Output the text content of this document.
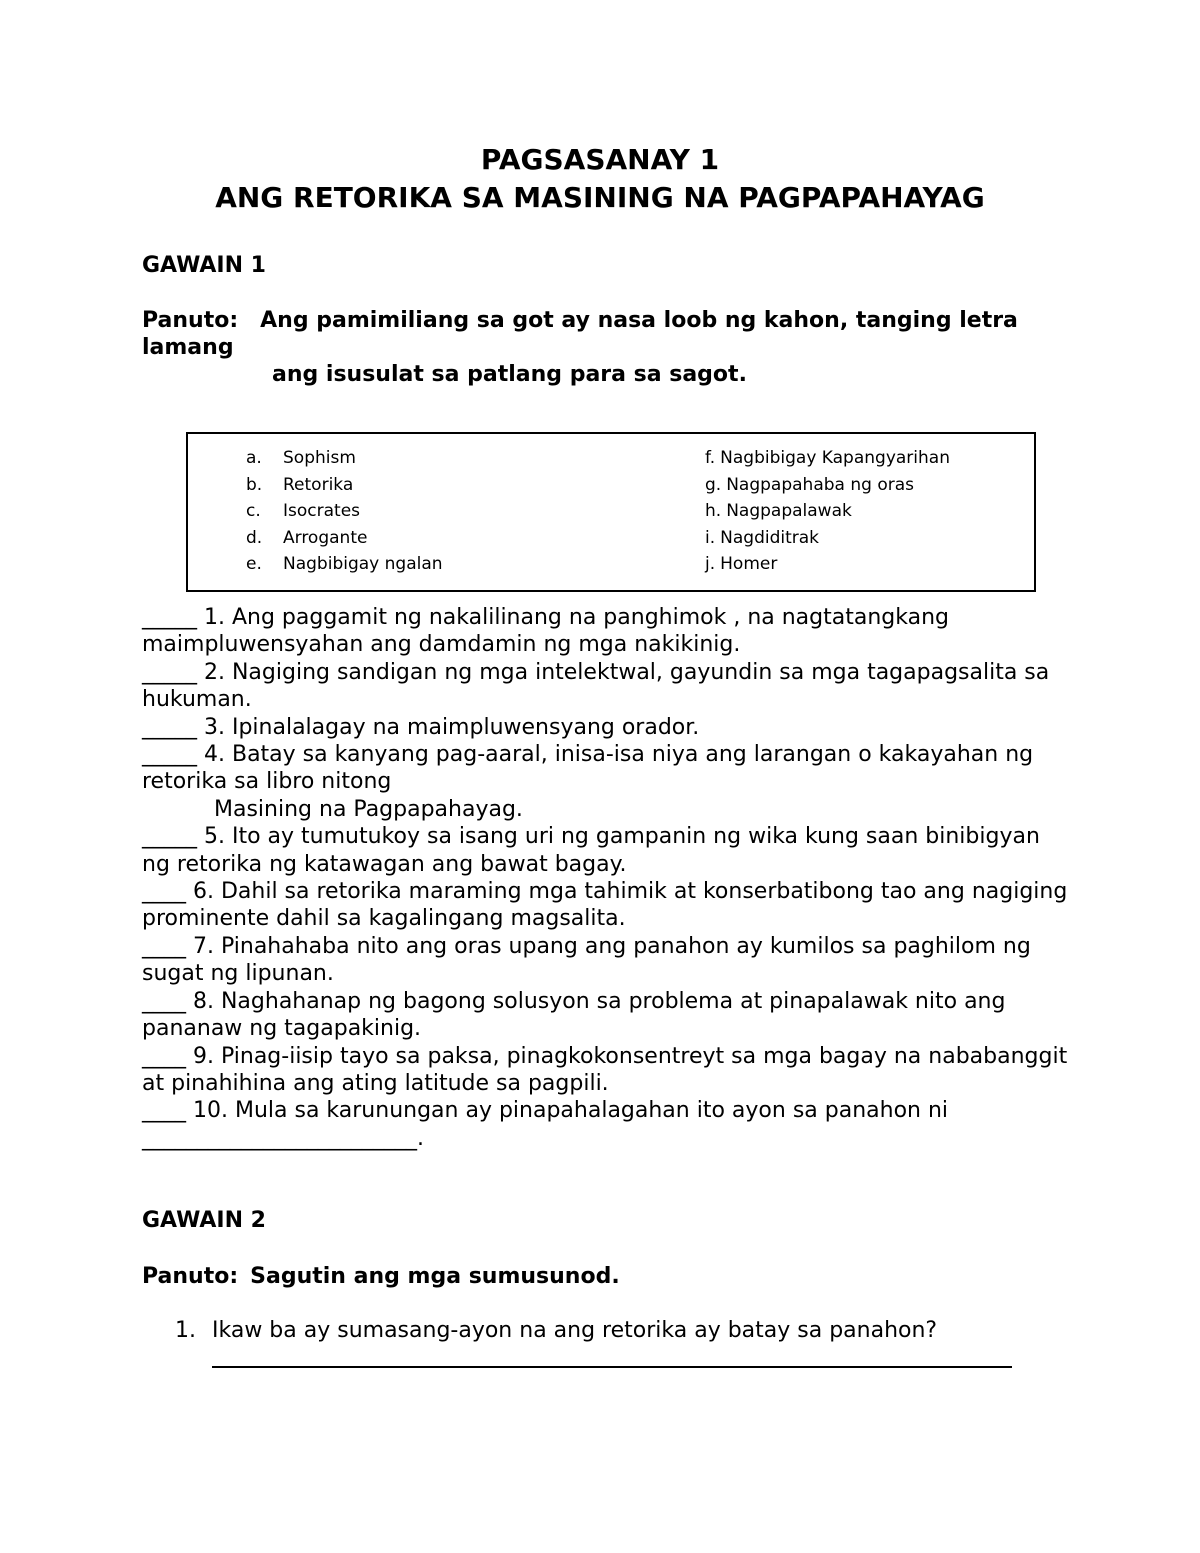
PAGSASANAY 1
ANG RETORIKA SA MASINING NA PAGPAPAHAYAG
GAWAIN 1
Panuto: Ang pamimiliang sa got ay nasa loob ng kahon, tanging letra lamang
ang isusulat sa patlang para sa sagot.
a.	Sophism
b.	Retorika
c.	Isocrates
d.	Arrogante
e.	Nagbibigay ngalan
f. Nagbibigay Kapangyarihan
g. Nagpapahaba ng oras
h. Nagpapalawak
i. Nagdiditrak
j. Homer

_____ 1. Ang paggamit ng nakalilinang na panghimok , na nagtatangkang maimpluwensyahan ang damdamin ng mga nakikinig.

_____ 2. Nagiging sandigan ng mga intelektwal, gayundin sa mga tagapagsalita sa hukuman.

_____ 3. Ipinalalagay na maimpluwensyang orador.

_____ 4. Batay sa kanyang pag-aaral, inisa-isa niya ang larangan o kakayahan ng retorika sa libro nitong
Masining na Pagpapahayag.

_____ 5. Ito ay tumutukoy sa isang uri ng gampanin ng wika kung saan binibigyan ng retorika ng katawagan ang bawat bagay.

____ 6. Dahil sa retorika maraming mga tahimik at konserbatibong tao ang nagiging prominente dahil sa kagalingang magsalita.

____ 7. Pinahahaba nito ang oras upang ang panahon ay kumilos sa paghilom ng sugat ng lipunan.

____ 8. Naghahanap ng bagong solusyon sa problema at pinapalawak nito ang pananaw ng tagapakinig.

____ 9. Pinag-iisip tayo sa paksa, pinagkokonsentreyt sa mga bagay na nababanggit at pinahihina ang ating latitude sa pagpili.

____ 10. Mula sa karunungan ay pinapahalagahan ito ayon sa panahon ni _________________________.

GAWAIN 2
Panuto: Sagutin ang mga sumusunod.
1. Ikaw ba ay sumasang-ayon na ang retorika ay batay sa panahon?
